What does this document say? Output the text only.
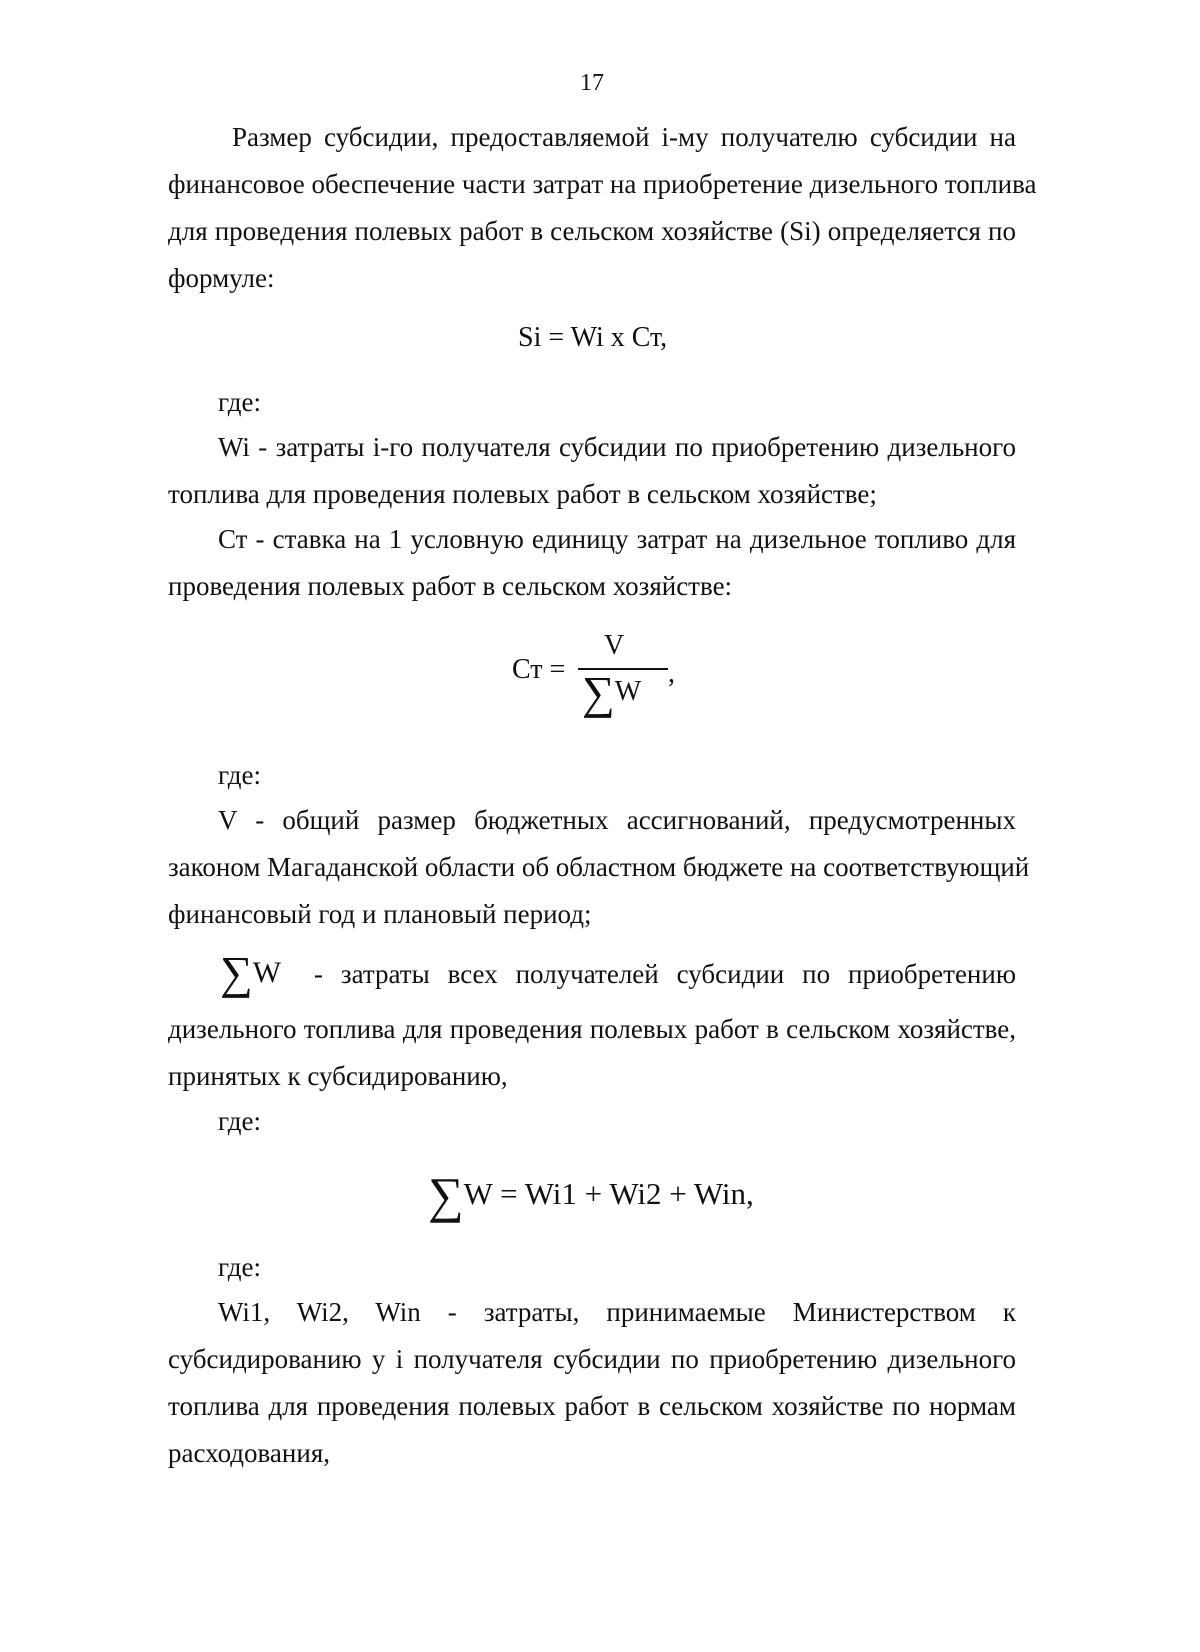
17
Размер субсидии, предоставляемой i-му получателю субсидии на
финансовое обеспечение части затрат на приобретение дизельного топлива
для проведения полевых работ в сельском хозяйстве (Si) определяется по
формуле:
Si = Wi x Ст,
где:
Wi - затраты i-го получателя субсидии по приобретению дизельного
топлива для проведения полевых работ в сельском хозяйстве;
Ст - ставка на 1 условную единицу затрат на дизельное топливо для
проведения полевых работ в сельском хозяйстве:
Ст =
V
∑W
,
где:
V - общий размер бюджетных ассигнований, предусмотренных
законом Магаданской области об областном бюджете на соответствующий
финансовый год и плановый период;
∑W - затраты всех получателей субсидии по приобретению
дизельного топлива для проведения полевых работ в сельском хозяйстве,
принятых к субсидированию,
где:
∑W = Wi1 + Wi2 + Win,
где:
Wi1, Wi2, Win - затраты, принимаемые Министерством к
субсидированию у i получателя субсидии по приобретению дизельного
топлива для проведения полевых работ в сельском хозяйстве по нормам
расходования,
